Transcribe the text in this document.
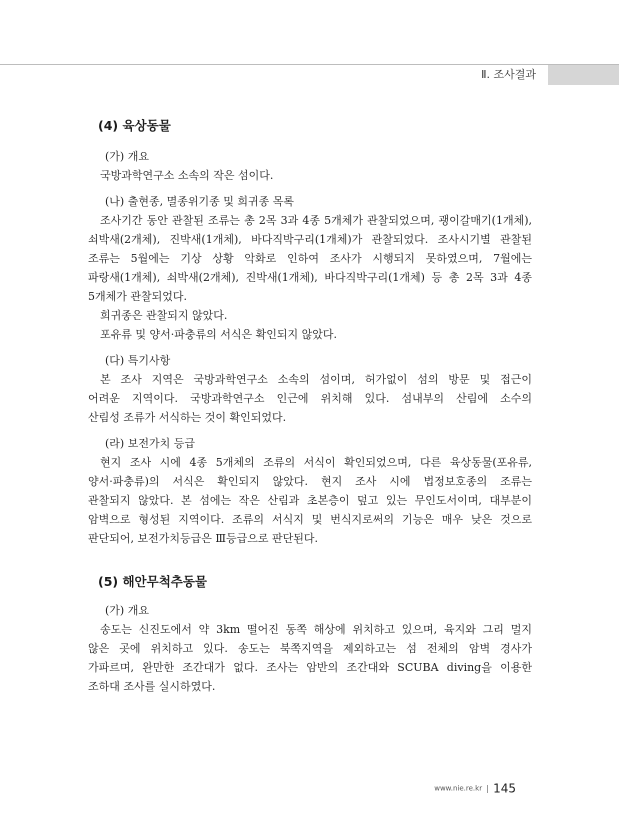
Ⅱ. 조사결과
(4) 육상동물
(가) 개요
국방과학연구소 소속의 작은 섬이다.
(나) 출현종, 멸종위기종 및 희귀종 목록
조사기간 동안 관찰된 조류는 총 2목 3과 4종 5개체가 관찰되었으며, 괭이갈매기(1개체),
쇠박새(2개체), 진박새(1개체), 바다직박구리(1개체)가 관찰되었다. 조사시기별 관찰된
조류는 5월에는 기상 상황 악화로 인하여 조사가 시행되지 못하였으며, 7월에는
파랑새(1개체), 쇠박새(2개체), 진박새(1개체), 바다직박구리(1개체) 등 총 2목 3과 4종
5개체가 관찰되었다.
희귀종은 관찰되지 않았다.
포유류 및 양서·파충류의 서식은 확인되지 않았다.
(다) 특기사항
본 조사 지역은 국방과학연구소 소속의 섬이며, 허가없이 섬의 방문 및 접근이
어려운 지역이다. 국방과학연구소 인근에 위치해 있다. 섬내부의 산림에 소수의
산림성 조류가 서식하는 것이 확인되었다.
(라) 보전가치 등급
현지 조사 시에 4종 5개체의 조류의 서식이 확인되었으며, 다른 육상동물(포유류,
양서·파충류)의 서식은 확인되지 않았다. 현지 조사 시에 법정보호종의 조류는
관찰되지 않았다. 본 섬에는 작은 산림과 초본층이 덮고 있는 무인도서이며, 대부분이
암벽으로 형성된 지역이다. 조류의 서식지 및 번식지로써의 기능은 매우 낮은 것으로
판단되어, 보전가치등급은 Ⅲ등급으로 판단된다.
(5) 해안무척추동물
(가) 개요
송도는 신진도에서 약 3km 떨어진 동쪽 해상에 위치하고 있으며, 육지와 그리 멀지
않은 곳에 위치하고 있다. 송도는 북쪽지역을 제외하고는 섬 전체의 암벽 경사가
가파르며, 완만한 조간대가 없다. 조사는 암반의 조간대와 SCUBA diving을 이용한
조하대 조사를 실시하였다.
www.nie.re.kr 145
